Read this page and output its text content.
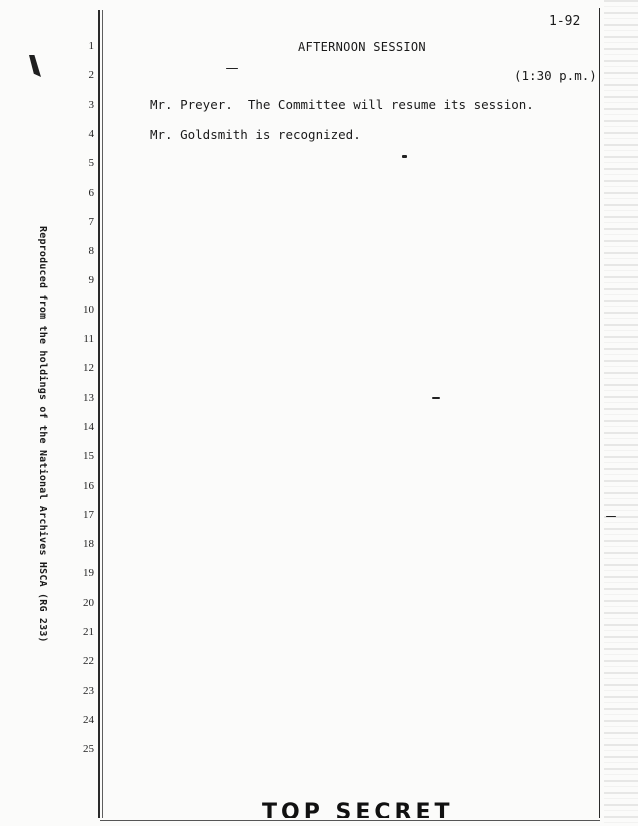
1-92
AFTERNOON SESSION
(1:30 p.m.)
1
2
3
4
5
6
7
8
9
10
11
12
13
14
15
16
17
18
19
20
21
22
23
24
25
Mr. Preyer.  The Committee will resume its session.
Mr. Goldsmith is recognized.
Reproduced from the holdings of the National Archives HSCA (RG 233)
TOP SECRET
